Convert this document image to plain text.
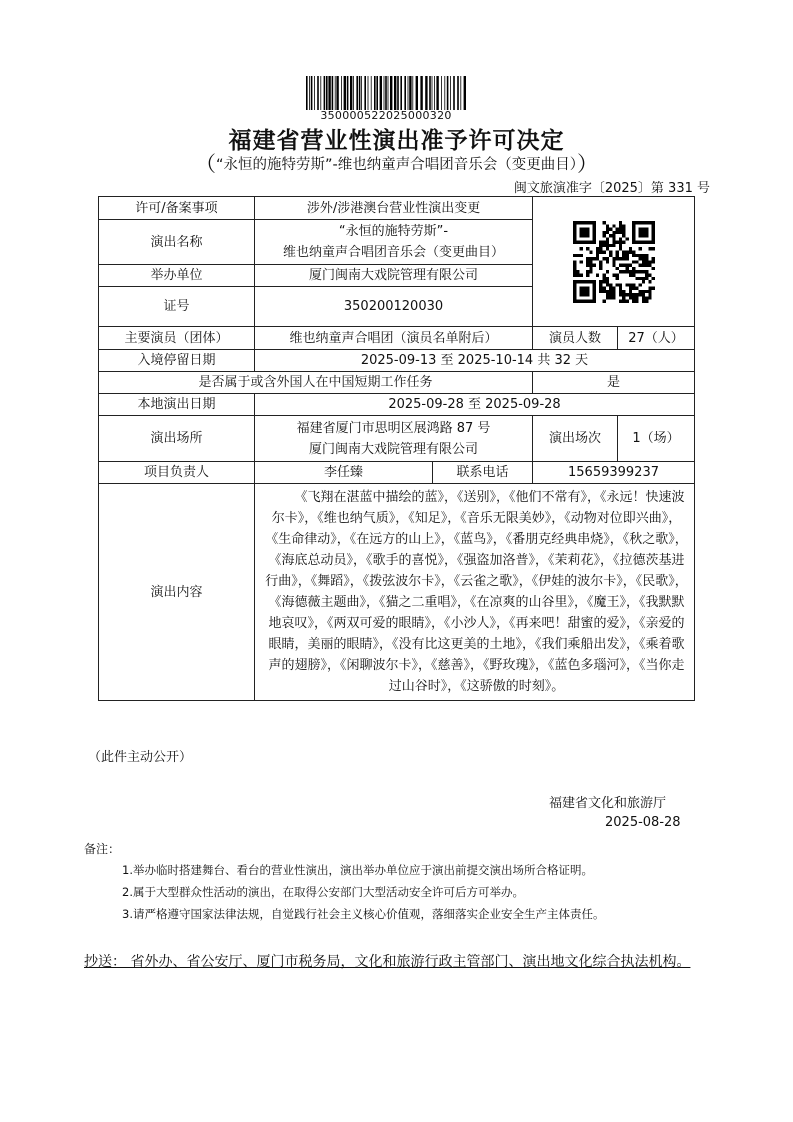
350000522025000320
福建省营业性演出准予许可决定
（“永恒的施特劳斯”-维也纳童声合唱团音乐会（变更曲目））
闽文旅演准字〔2025〕第 331 号
许可/备案事项	涉外/涉港澳台营业性演出变更	

演出名称	“永恒的施特劳斯”-
维也纳童声合唱团音乐会（变更曲目）			

举办单位	厦门闽南大戏院管理有限公司			
证号	350200120030			
主要演员（团体）	维也纳童声合唱团（演员名单附后）		演员人数	27（人）
入境停留日期	2025-09-13 至 2025-10-14 共 32 天			
是否属于或含外国人在中国短期工作任务			是	
本地演出日期	2025-09-28 至 2025-09-28			
演出场所	福建省厦门市思明区展鸿路 87 号
厦门闽南大戏院管理有限公司		演出场次	1（场）
项目负责人	李任臻	联系电话	15659399237	
演出内容	《飞翔在湛蓝中描绘的蓝》，《送别》，《他们不常有》，《永远！快速波尔卡》，《维也纳气质》，《知足》，《音乐无限美妙》，《动物对位即兴曲》，《生命律动》，《在远方的山上》，《蓝鸟》，《番朋克经典串烧》，《秋之歌》，《海底总动员》，《歌手的喜悦》，《强盗加洛普》，《茉莉花》，《拉德茨基进行曲》，《舞蹈》，《拨弦波尔卡》，《云雀之歌》，《伊娃的波尔卡》，《民歌》，《海德薇主题曲》，《猫之二重唱》，《在凉爽的山谷里》，《魔王》，《我默默地哀叹》，《两双可爱的眼睛》，《小沙人》，《再来吧！甜蜜的爱》，《亲爱的眼睛，美丽的眼睛》，《没有比这更美的土地》，《我们乘船出发》，《乘着歌声的翅膀》，《闲聊波尔卡》，《慈善》，《野玫瑰》，《蓝色多瑙河》，《当你走过山谷时》，《这骄傲的时刻》。			
（此件主动公开）
福建省文化和旅游厅
2025-08-28
备注：
1.举办临时搭建舞台、看台的营业性演出，演出举办单位应于演出前提交演出场所合格证明。
2.属于大型群众性活动的演出，在取得公安部门大型活动安全许可后方可举办。
3.请严格遵守国家法律法规，自觉践行社会主义核心价值观，落细落实企业安全生产主体责任。
抄送： 省外办、省公安厅、厦门市税务局，文化和旅游行政主管部门、演出地文化综合执法机构。
